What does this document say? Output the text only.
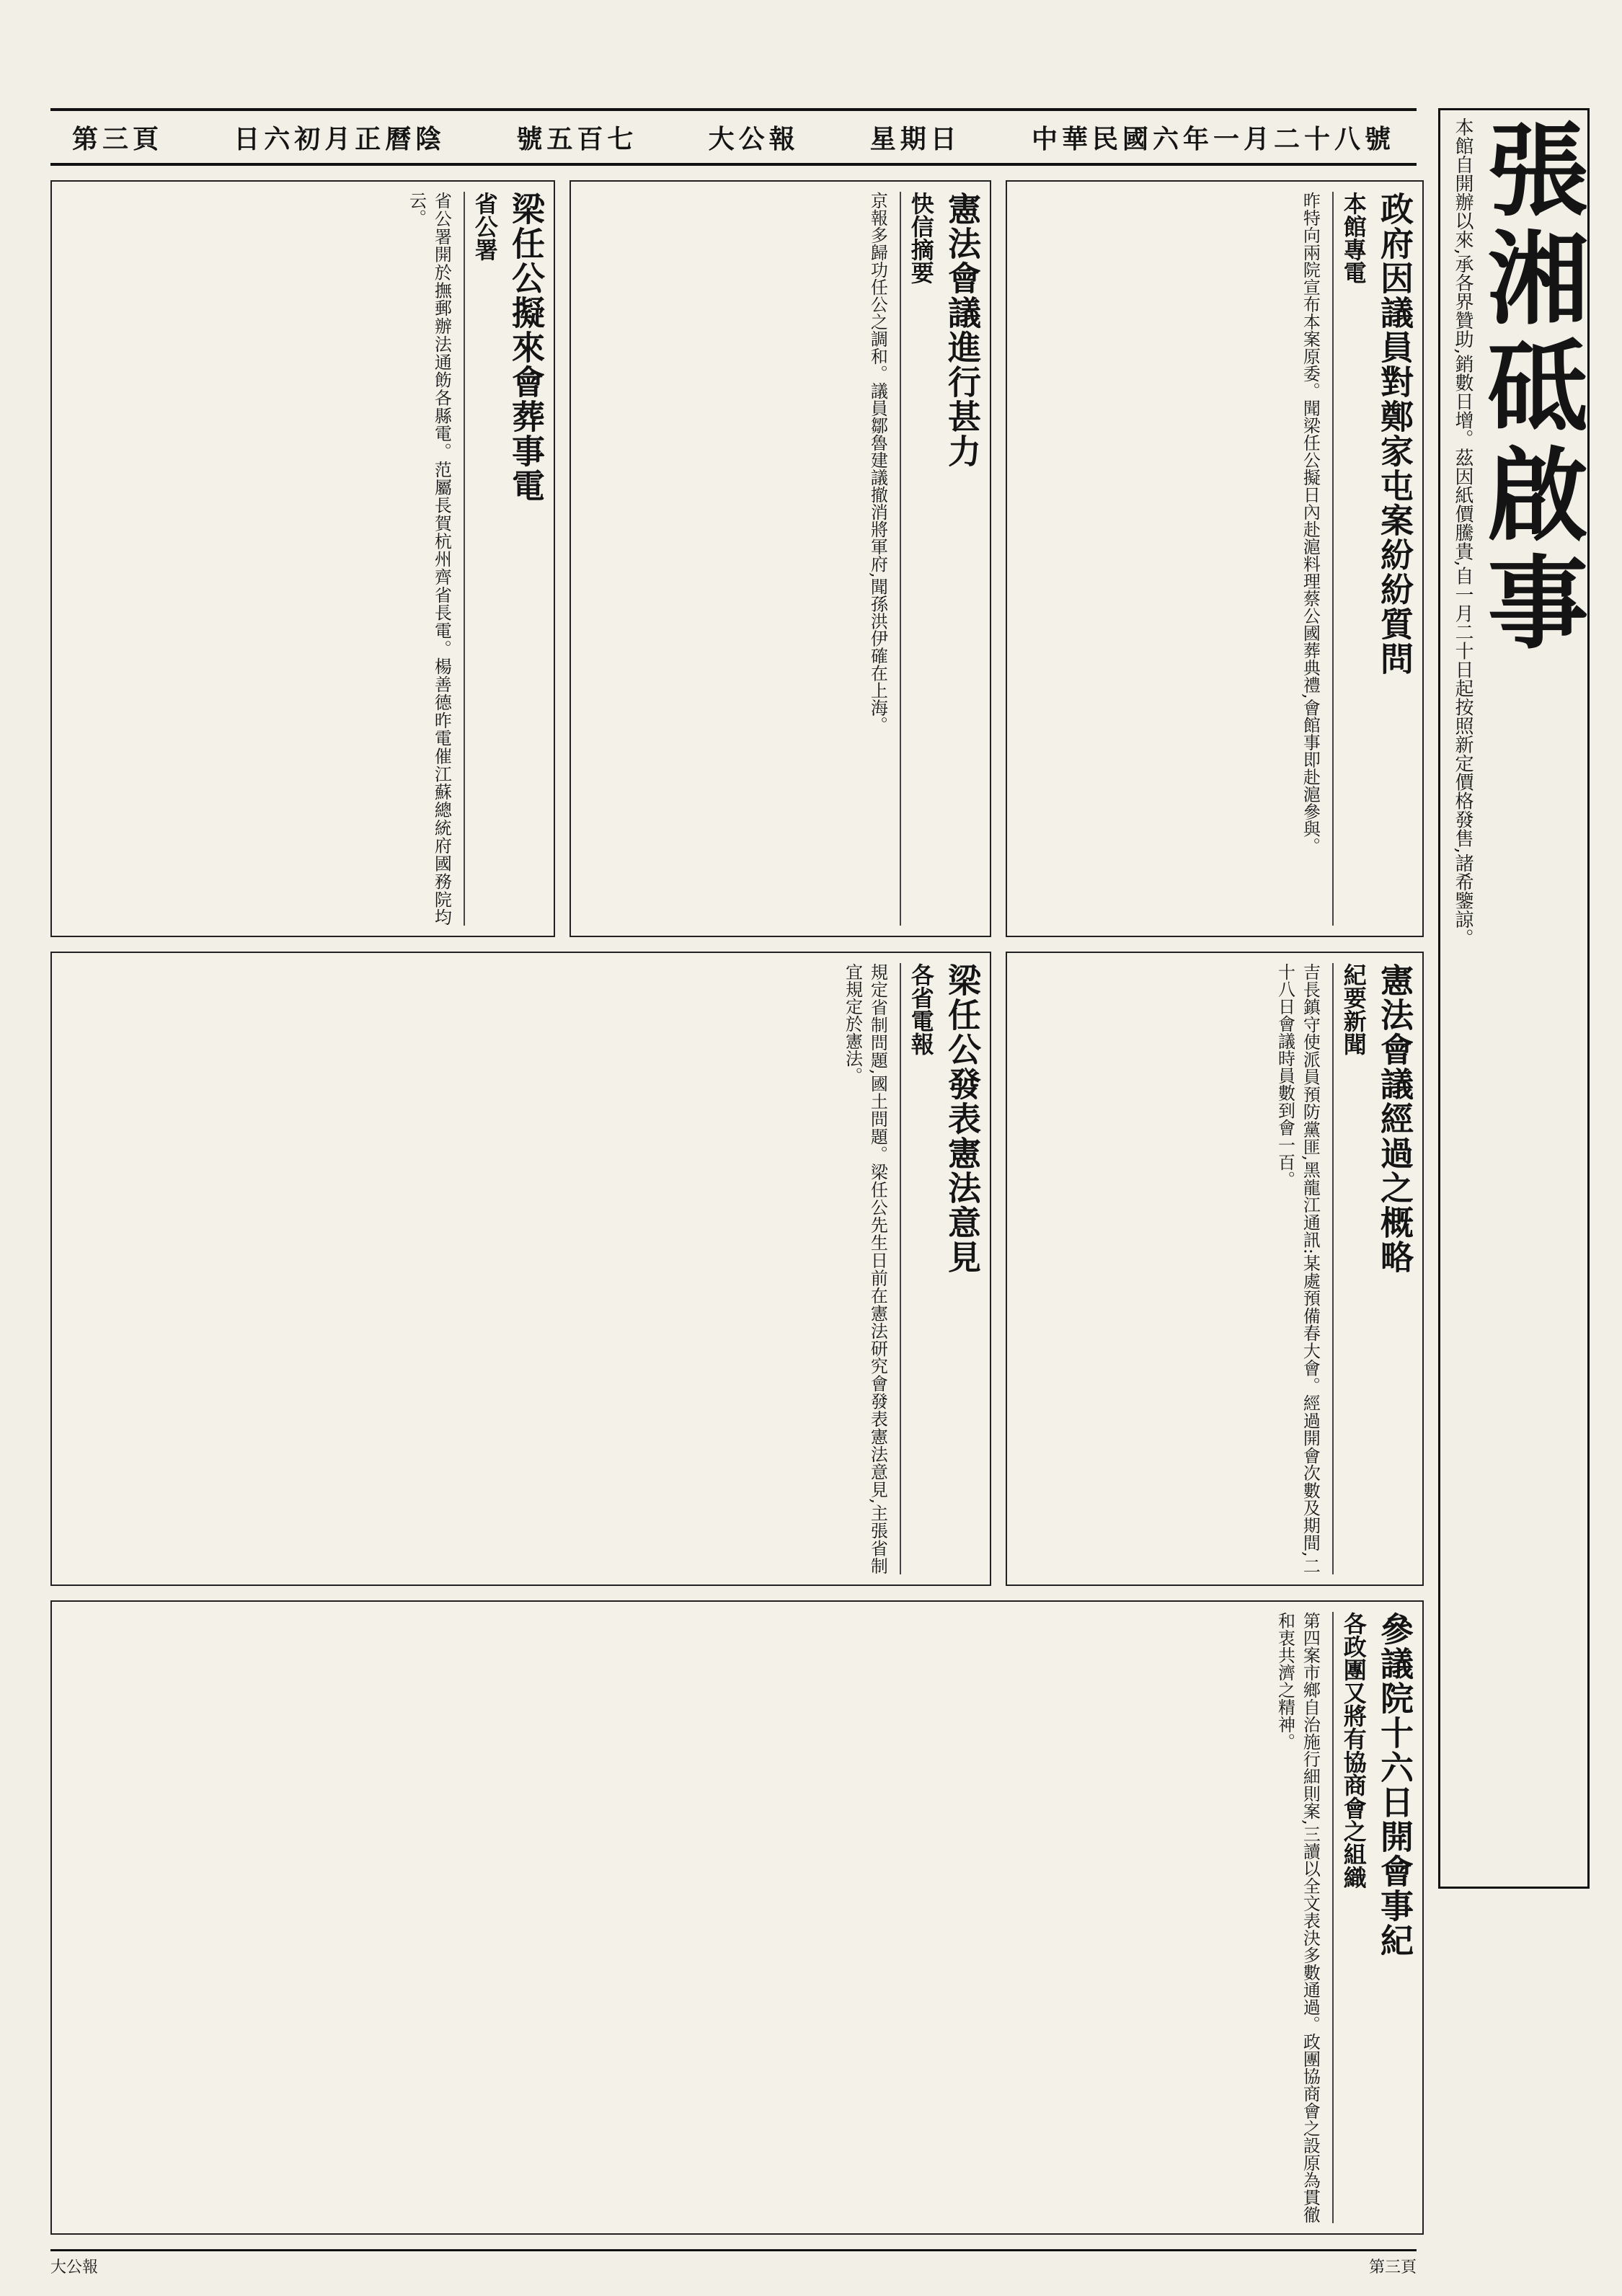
第三頁	日六初月正曆陰	號五百七	大公報	星期日	中華民國六年一月二十八號 張湘砥啟事
本館自開辦以來,承各界贊助,銷數日增。茲因紙價騰貴,自一月二十日起按照新定價格發售,諸希鑒諒。
政府因議員對鄭家屯案紛紛質問
本館專電
昨特向兩院宣布本案原委。聞梁任公擬日內赴滬料理蔡公國葬典禮,會館事即赴滬參與。
憲法會議進行甚力
快信摘要
京報多歸功任公之調和。議員鄒魯建議撤消將軍府,聞孫洪伊確在上海。
梁任公擬來會葬事電
省公署
省公署開於撫郵辦法通飭各縣電。范屬長賀杭州齊省長電。楊善德昨電催江蘇總統府國務院均云。
憲法會議經過之概略
紀要新聞
吉長鎮守使派員預防黨匪,黑龍江通訊:某處預備春大會。經過開會次數及期間,二十八日會議時員數到會一百。
梁任公發表憲法意見
各省電報
規定省制問題,國土問題。梁任公先生日前在憲法研究會發表憲法意見,主張省制宜規定於憲法。
參議院十六日開會事紀
各政團又將有協商會之組織
第四案市鄉自治施行細則案,三讀以全文表決多數通過。政團協商會之設原為貫徹和衷共濟之精神。
大公報	第三頁
